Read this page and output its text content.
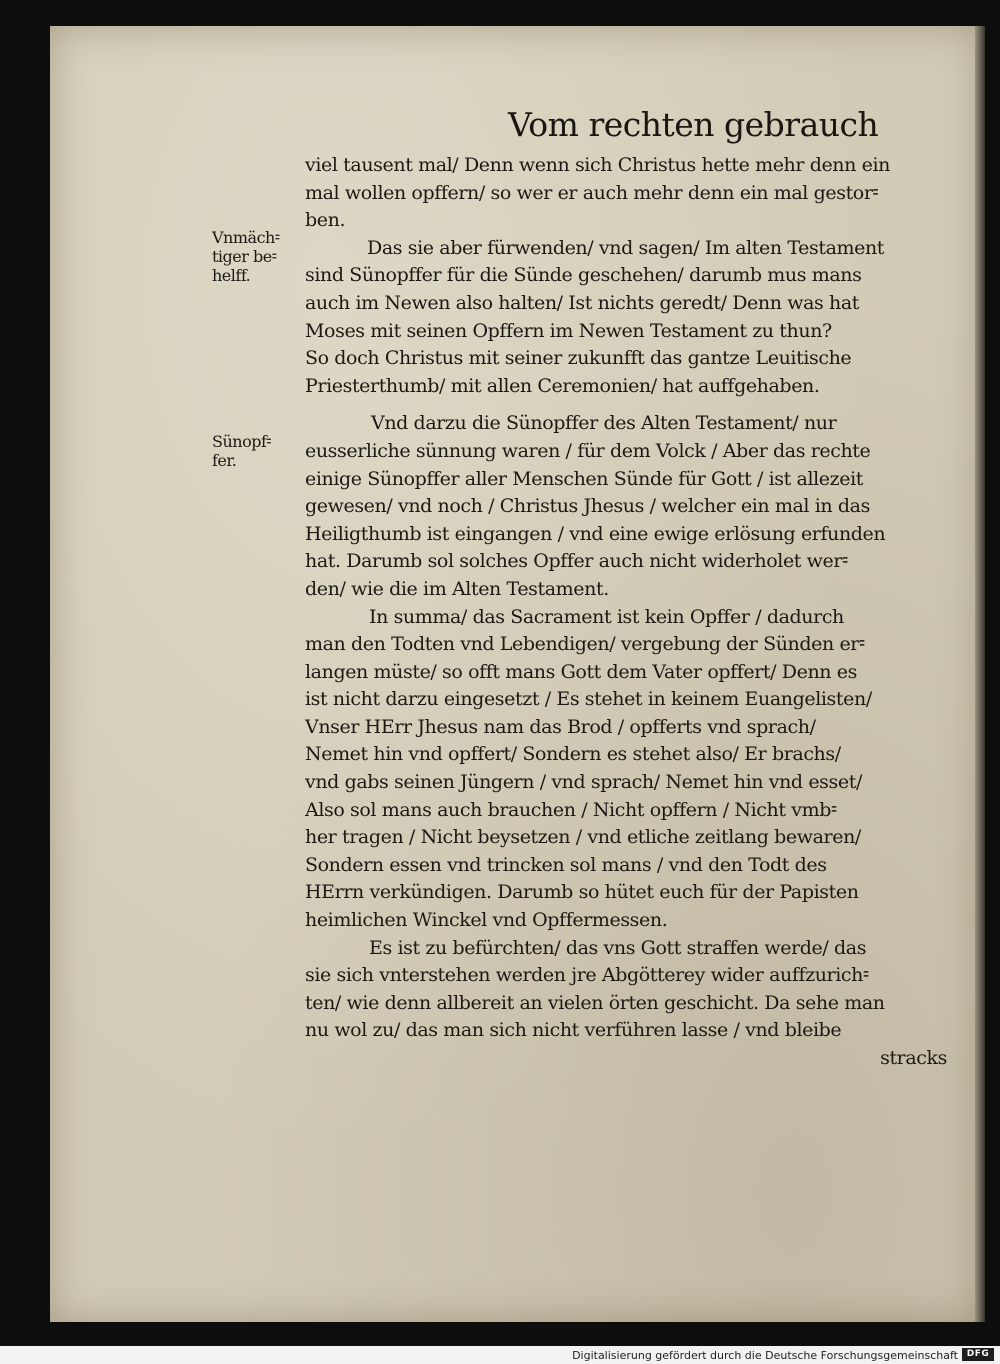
Vom rechten gebrauch
Vnmäch⹀
tiger be⹀
helff.
Sünopf⹀
fer.
viel tausent mal/ Denn wenn sich Christus hette mehr denn ein
mal wollen opffern/ so wer er auch mehr denn ein mal gestor⹀
ben.
Das sie aber fürwenden/ vnd sagen/ Im alten Testament
sind Sünopffer für die Sünde geschehen/ darumb mus mans
auch im Newen also halten/ Ist nichts geredt/ Denn was hat
Moses mit seinen Opffern im Newen Testament zu thun?
So doch Christus mit seiner zukunfft das gantze Leuitische
Priesterthumb/ mit allen Ceremonien/ hat auffgehaben.
Vnd darzu die Sünopffer des Alten Testament/ nur
eusserliche sünnung waren / für dem Volck / Aber das rechte
einige Sünopffer aller Menschen Sünde für Gott / ist allezeit
gewesen/ vnd noch / Christus Jhesus / welcher ein mal in das
Heiligthumb ist eingangen / vnd eine ewige erlösung erfunden
hat. Darumb sol solches Opffer auch nicht widerholet wer⹀
den/ wie die im Alten Testament.
In summa/ das Sacrament ist kein Opffer / dadurch
man den Todten vnd Lebendigen/ vergebung der Sünden er⹀
langen müste/ so offt mans Gott dem Vater opffert/ Denn es
ist nicht darzu eingesetzt / Es stehet in keinem Euangelisten/
Vnser HErr Jhesus nam das Brod / opfferts vnd sprach/
Nemet hin vnd opffert/ Sondern es stehet also/ Er brachs/
vnd gabs seinen Jüngern / vnd sprach/ Nemet hin vnd esset/
Also sol mans auch brauchen / Nicht opffern / Nicht vmb⹀
her tragen / Nicht beysetzen / vnd etliche zeitlang bewaren/
Sondern essen vnd trincken sol mans / vnd den Todt des
HErrn verkündigen. Darumb so hütet euch für der Papisten
heimlichen Winckel vnd Opffermessen.
Es ist zu befürchten/ das vns Gott straffen werde/ das
sie sich vnterstehen werden jre Abgötterey wider auffzurich⹀
ten/ wie denn allbereit an vielen örten geschicht. Da sehe man
nu wol zu/ das man sich nicht verführen lasse / vnd bleibe
stracks
Digitalisierung gefördert durch die Deutsche Forschungsgemeinschaft DFG
